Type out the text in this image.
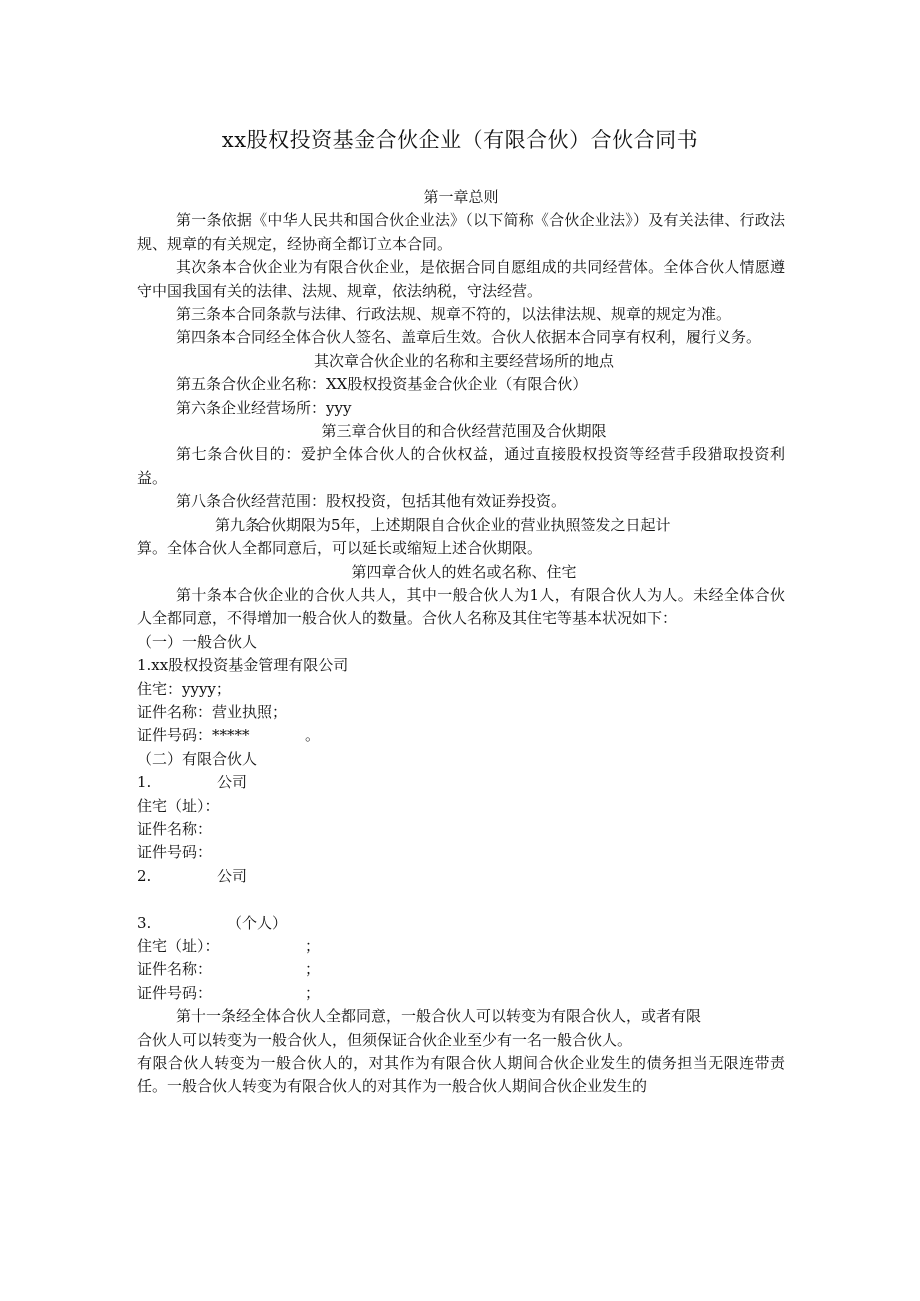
xx股权投资基金合伙企业（有限合伙）合伙合同书

第一章总则

第一条依据《中华人民共和国合伙企业法》（以下简称《合伙企业法》）及有关法律、行政法规、规章的有关规定，经协商全都订立本合同。

其次条本合伙企业为有限合伙企业，是依据合同自愿组成的共同经营体。全体合伙人情愿遵守中国我国有关的法律、法规、规章，依法纳税，守法经营。

第三条本合同条款与法律、行政法规、规章不符的，以法律法规、规章的规定为准。

第四条本合同经全体合伙人签名、盖章后生效。合伙人依据本合同享有权利，履行义务。

其次章合伙企业的名称和主要经营场所的地点

第五条合伙企业名称：XX股权投资基金合伙企业（有限合伙）

第六条企业经营场所：yyy

第三章合伙目的和合伙经营范围及合伙期限

第七条合伙目的：爱护全体合伙人的合伙权益，通过直接股权投资等经营手段猎取投资利益。

第八条合伙经营范围：股权投资，包括其他有效证券投资。

第九条合伙期限为5年，上述期限自合伙企业的营业执照签发之日起计

算。全体合伙人全都同意后，可以延长或缩短上述合伙期限。

第四章合伙人的姓名或名称、住宅

第十条本合伙企业的合伙人共人，其中一般合伙人为1人，有限合伙人为人。未经全体合伙人全都同意，不得增加一般合伙人的数量。合伙人名称及其住宅等基本状况如下：

（一）一般合伙人

1.xx股权投资基金管理有限公司

住宅：yyyy；

证件名称：营业执照；

证件号码：*****	。

（二）有限合伙人

1.	公司

住宅（址）：

证件名称：

证件号码：

2.	公司

3.	（个人）

住宅（址）：	；

证件名称：	；

证件号码：	；

第十一条经全体合伙人全都同意，一般合伙人可以转变为有限合伙人，或者有限

合伙人可以转变为一般合伙人，但须保证合伙企业至少有一名一般合伙人。

有限合伙人转变为一般合伙人的，对其作为有限合伙人期间合伙企业发生的债务担当无限连带责任。一般合伙人转变为有限合伙人的对其作为一般合伙人期间合伙企业发生的
